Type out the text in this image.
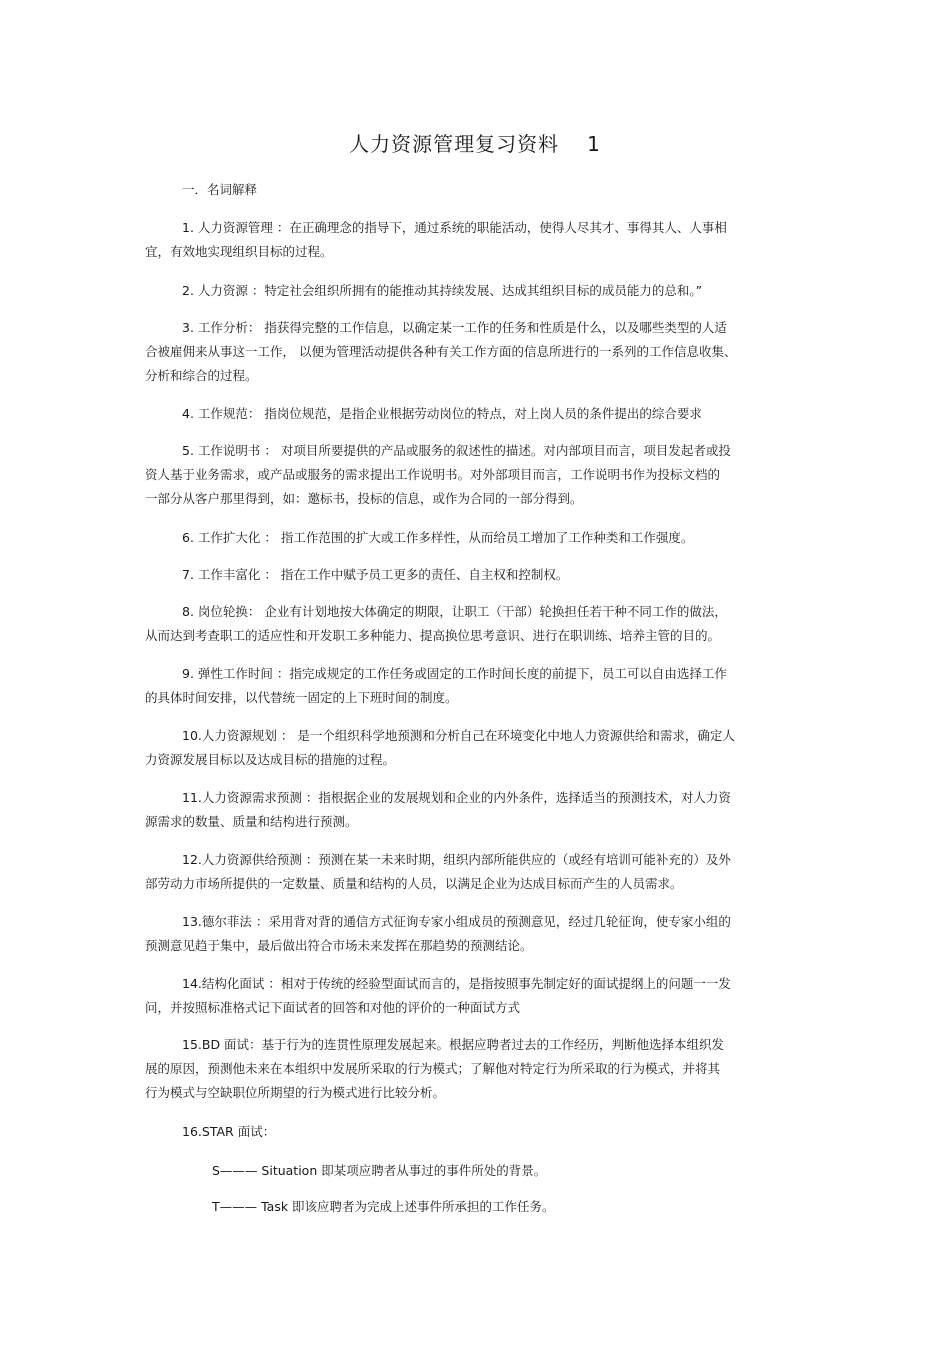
人力资源管理复习资料 1
一．名词解释
1. 人力资源管理 ：在正确理念的指导下，通过系统的职能活动，使得人尽其才、事得其人、人事相
宜，有效地实现组织目标的过程。
2. 人力资源 ：特定社会组织所拥有的能推动其持续发展、达成其组织目标的成员能力的总和。”
3. 工作分析： 指获得完整的工作信息，以确定某一工作的任务和性质是什么，以及哪些类型的人适
合被雇佣来从事这一工作， 以便为管理活动提供各种有关工作方面的信息所进行的一系列的工作信息收集、
分析和综合的过程。
4. 工作规范： 指岗位规范，是指企业根据劳动岗位的特点，对上岗人员的条件提出的综合要求
5. 工作说明书 ： 对项目所要提供的产品或服务的叙述性的描述。对内部项目而言，项目发起者或投
资人基于业务需求，或产品或服务的需求提出工作说明书。对外部项目而言，工作说明书作为投标文档的
一部分从客户那里得到，如：邀标书，投标的信息，或作为合同的一部分得到。
6. 工作扩大化 ： 指工作范围的扩大或工作多样性，从而给员工增加了工作种类和工作强度。
7. 工作丰富化 ： 指在工作中赋予员工更多的责任、自主权和控制权。
8. 岗位轮换： 企业有计划地按大体确定的期限，让职工（干部）轮换担任若干种不同工作的做法，
从而达到考查职工的适应性和开发职工多种能力、提高换位思考意识、进行在职训练、培养主管的目的。
9. 弹性工作时间 ：指完成规定的工作任务或固定的工作时间长度的前提下，员工可以自由选择工作
的具体时间安排，以代替统一固定的上下班时间的制度。
10.人力资源规划 ： 是一个组织科学地预测和分析自己在环境变化中地人力资源供给和需求，确定人
力资源发展目标以及达成目标的措施的过程。
11.人力资源需求预测 ：指根据企业的发展规划和企业的内外条件，选择适当的预测技术，对人力资
源需求的数量、质量和结构进行预测。
12.人力资源供给预测 ：预测在某一未来时期，组织内部所能供应的（或经有培训可能补充的）及外
部劳动力市场所提供的一定数量、质量和结构的人员，以满足企业为达成目标而产生的人员需求。
13.德尔菲法 ：采用背对背的通信方式征询专家小组成员的预测意见，经过几轮征询，使专家小组的
预测意见趋于集中，最后做出符合市场未来发挥在那趋势的预测结论。
14.结构化面试 ：相对于传统的经验型面试而言的，是指按照事先制定好的面试提纲上的问题一一发
问，并按照标准格式记下面试者的回答和对他的评价的一种面试方式
15.BD 面试：基于行为的连贯性原理发展起来。根据应聘者过去的工作经历，判断他选择本组织发
展的原因，预测他未来在本组织中发展所采取的行为模式；了解他对特定行为所采取的行为模式，并将其
行为模式与空缺职位所期望的行为模式进行比较分析。
16.STAR 面试：
S——— Situation 即某项应聘者从事过的事件所处的背景。
T——— Task 即该应聘者为完成上述事件所承担的工作任务。
